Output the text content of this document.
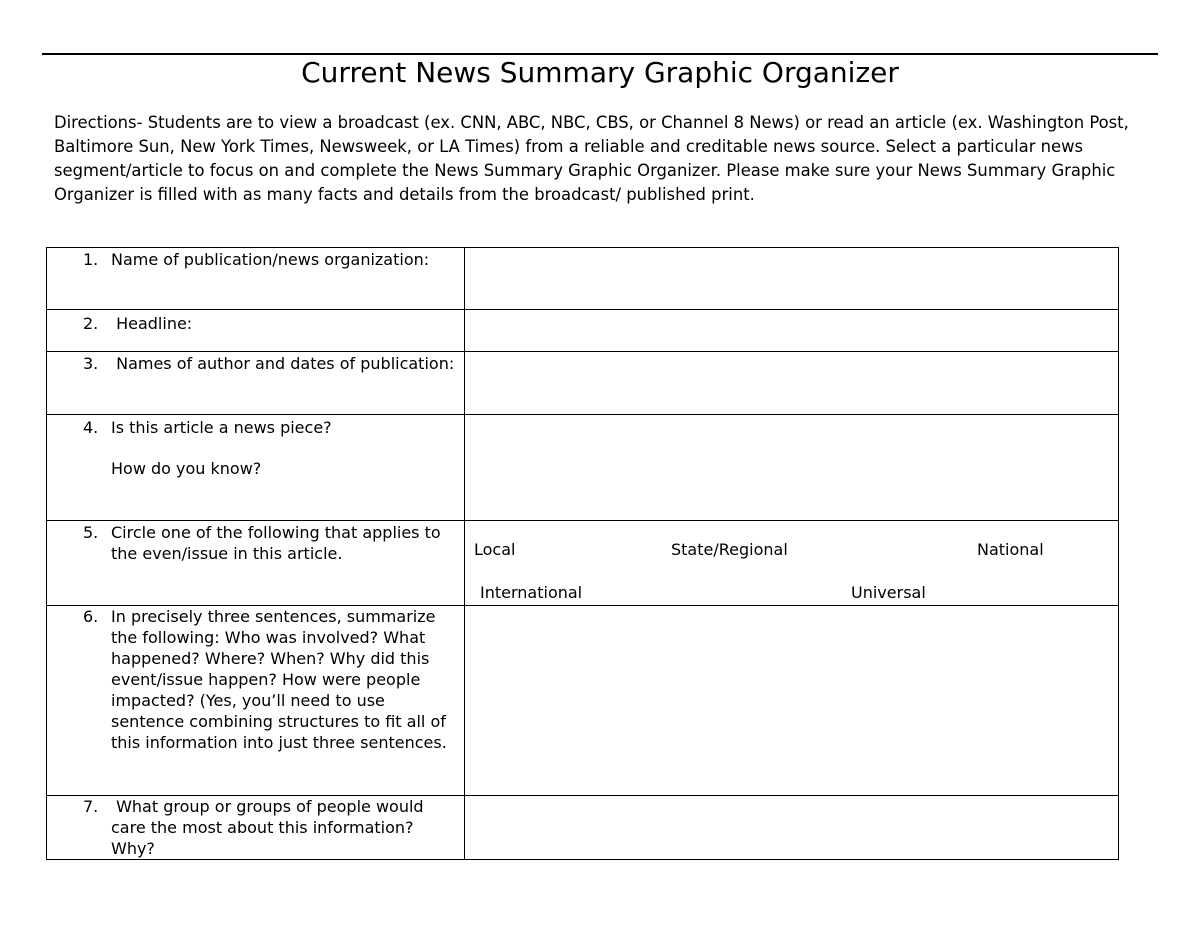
Current News Summary Graphic Organizer

Directions- Students are to view a broadcast (ex. CNN, ABC, NBC, CBS, or Channel 8 News) or read an article (ex. Washington Post, Baltimore Sun, New York Times, Newsweek, or LA Times) from a reliable and creditable news source. Select a particular news segment/article to focus on and complete the News Summary Graphic Organizer. Please make sure your News Summary Graphic Organizer is filled with as many facts and details from the broadcast/ published print.

1. Name of publication/news organization:	

2. Headline:	

3. Names of author and dates of publication:	

4. Is this article a news piece?
How do you know?	

5. Circle one of the following that applies to the even/issue in this article.	Local State/Regional National
International Universal

6. In precisely three sentences, summarize the following: Who was involved? What happened? Where? When? Why did this event/issue happen? How were people impacted? (Yes, you’ll need to use sentence combining structures to fit all of this information into just three sentences.	

7. What group or groups of people would care the most about this information? Why?	
